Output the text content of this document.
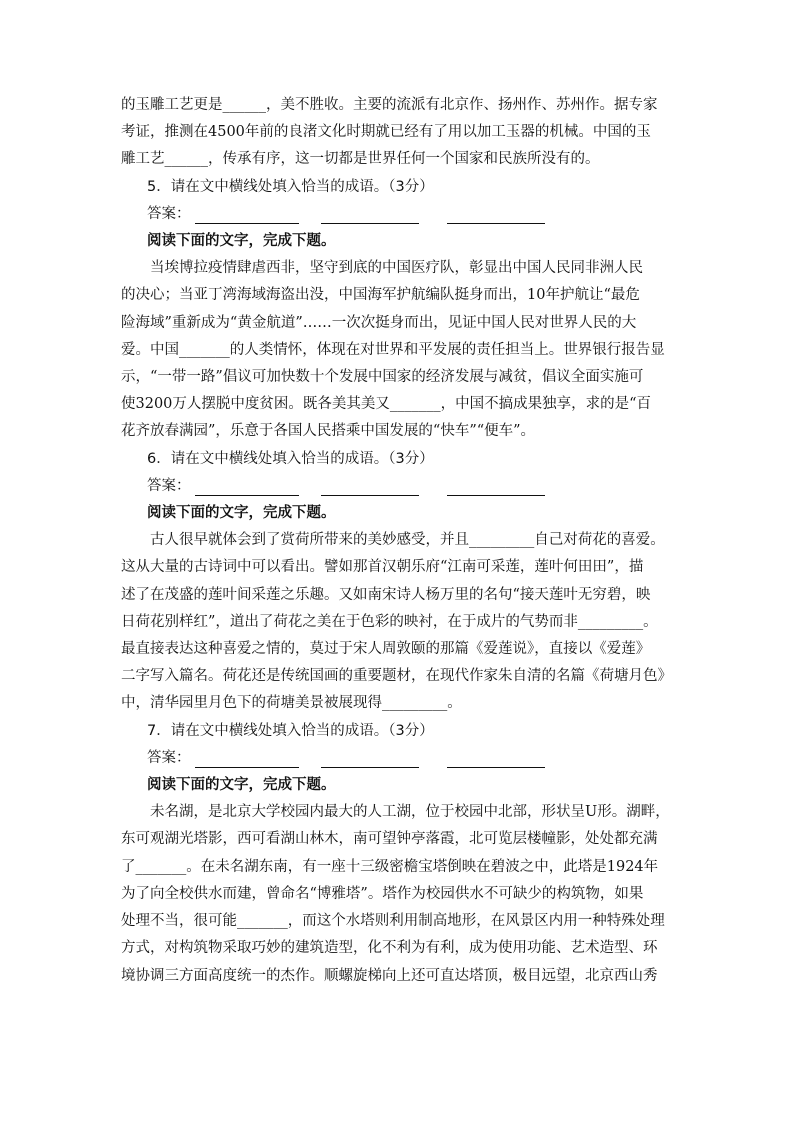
的玉雕工艺更是______，美不胜收。主要的流派有北京作、扬州作、苏州作。据专家

考证，推测在4500年前的良渚文化时期就已经有了用以加工玉器的机械。中国的玉

雕工艺______，传承有序，这一切都是世界任何一个国家和民族所没有的。

5．请在文中横线处填入恰当的成语。（3分）

答案：

阅读下面的文字，完成下题。

当埃博拉疫情肆虐西非，坚守到底的中国医疗队，彰显出中国人民同非洲人民

的决心；当亚丁湾海域海盗出没，中国海军护航编队挺身而出，10年护航让“最危

险海域”重新成为“黄金航道”……一次次挺身而出，见证中国人民对世界人民的大

爱。中国_______的人类情怀，体现在对世界和平发展的责任担当上。世界银行报告显

示，“一带一路”倡议可加快数十个发展中国家的经济发展与减贫，倡议全面实施可

使3200万人摆脱中度贫困。既各美其美又_______，中国不搞成果独享，求的是“百

花齐放春满园”，乐意于各国人民搭乘中国发展的“快车”“便车”。

6．请在文中横线处填入恰当的成语。（3分）

答案：

阅读下面的文字，完成下题。

古人很早就体会到了赏荷所带来的美妙感受，并且_________自己对荷花的喜爱。

这从大量的古诗词中可以看出。譬如那首汉朝乐府“江南可采莲，莲叶何田田”，描

述了在茂盛的莲叶间采莲之乐趣。又如南宋诗人杨万里的名句“接天莲叶无穷碧，映

日荷花别样红”，道出了荷花之美在于色彩的映衬，在于成片的气势而非_________。

最直接表达这种喜爱之情的，莫过于宋人周敦颐的那篇《爱莲说》，直接以《爱莲》

二字写入篇名。荷花还是传统国画的重要题材，在现代作家朱自清的名篇《荷塘月色》

中，清华园里月色下的荷塘美景被展现得_________。

7．请在文中横线处填入恰当的成语。（3分）

答案：

阅读下面的文字，完成下题。

未名湖，是北京大学校园内最大的人工湖，位于校园中北部，形状呈U形。湖畔，

东可观湖光塔影，西可看湖山林木，南可望钟亭落霞，北可览层楼幢影，处处都充满

了_______。在未名湖东南，有一座十三级密檐宝塔倒映在碧波之中，此塔是1924年

为了向全校供水而建，曾命名“博雅塔”。塔作为校园供水不可缺少的构筑物，如果

处理不当，很可能_______，而这个水塔则利用制高地形，在风景区内用一种特殊处理

方式，对构筑物采取巧妙的建筑造型，化不利为有利，成为使用功能、艺术造型、环

境协调三方面高度统一的杰作。顺螺旋梯向上还可直达塔顶，极目远望，北京西山秀
